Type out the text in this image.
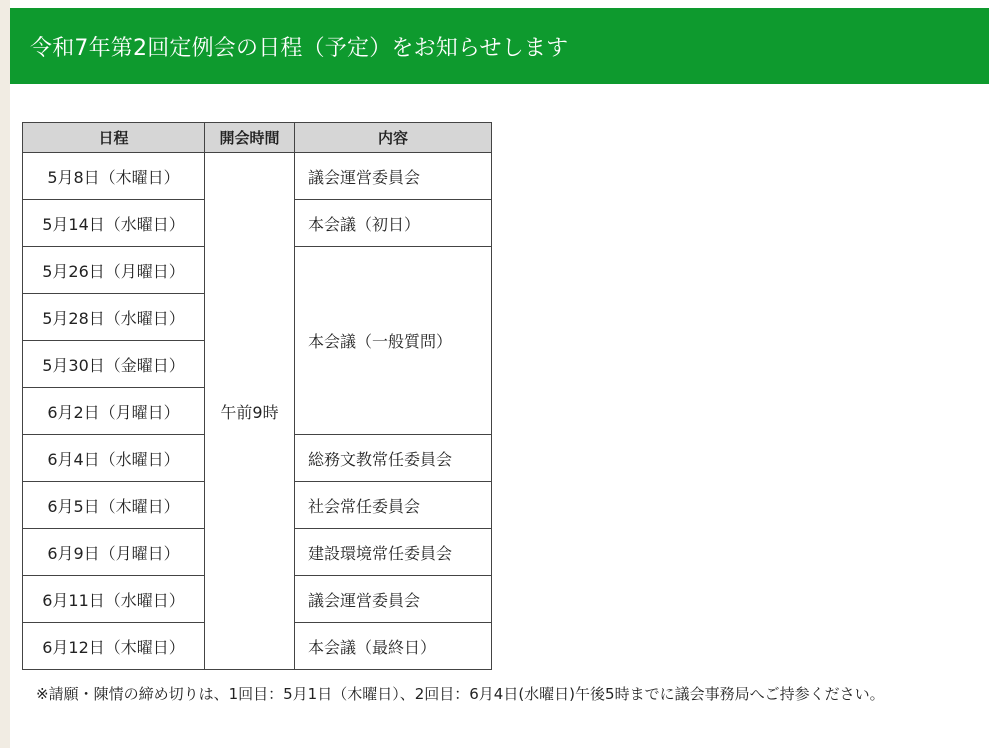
令和7年第2回定例会の日程（予定）をお知らせします
日程	開会時間	内容
5月8日（木曜日）	午前9時	議会運営委員会
5月14日（水曜日）		本会議（初日）
5月26日（月曜日）		本会議（一般質問）
5月28日（水曜日）		
5月30日（金曜日）		
6月2日（月曜日）		
6月4日（水曜日）		総務文教常任委員会
6月5日（木曜日）		社会常任委員会
6月9日（月曜日）		建設環境常任委員会
6月11日（水曜日）		議会運営委員会
6月12日（木曜日）		本会議（最終日）
※請願・陳情の締め切りは、1回目：5月1日（木曜日）、2回目：6月4日(水曜日)午後5時までに議会事務局へご持参ください。
